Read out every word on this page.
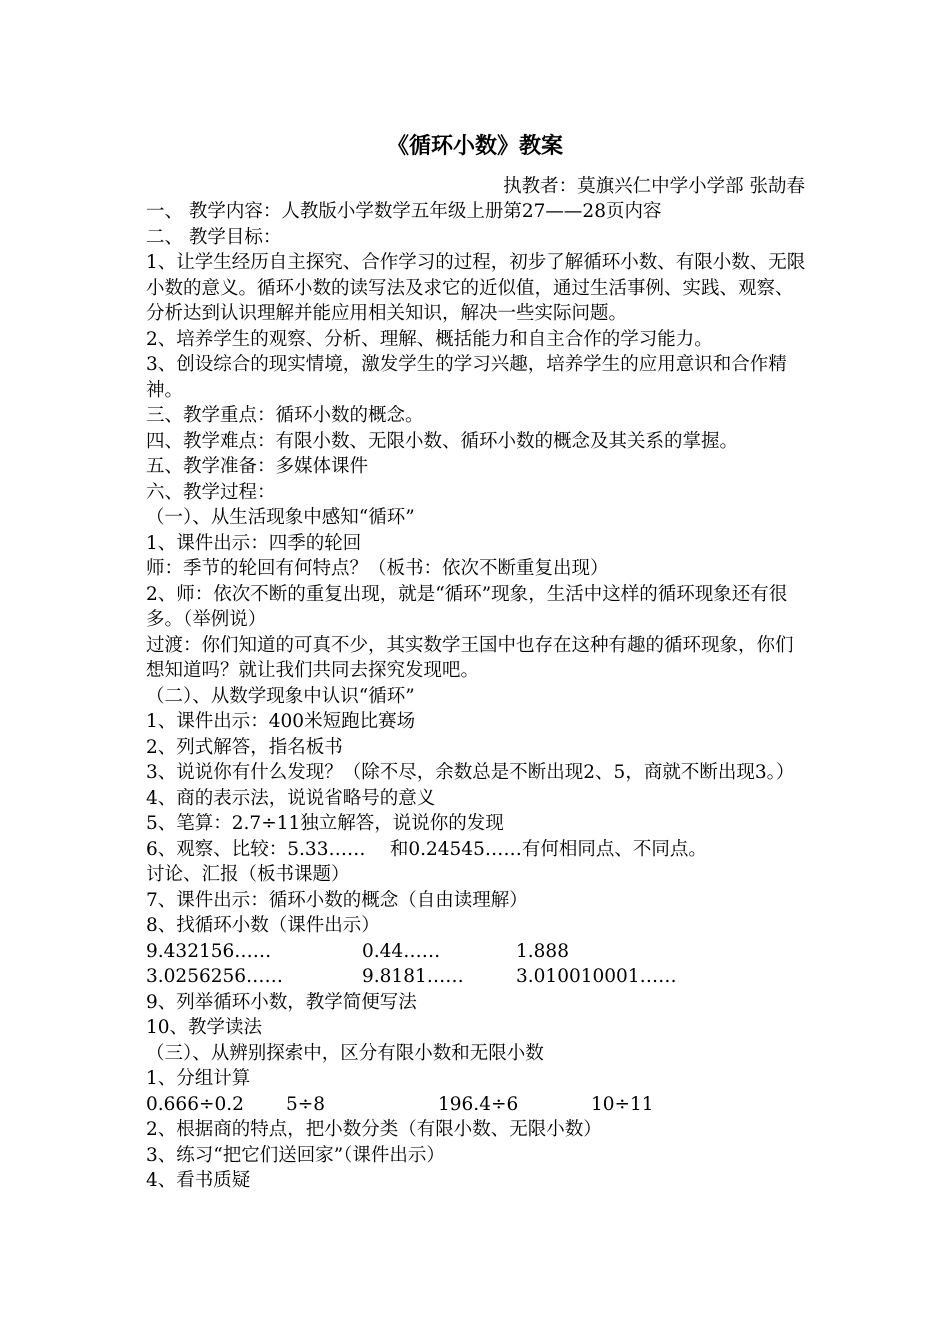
《循环小数》教案
执教者：莫旗兴仁中学小学部 张劼春
一、 教学内容：人教版小学数学五年级上册第27——28页内容
二、 教学目标：
1、让学生经历自主探究、合作学习的过程，初步了解循环小数、有限小数、无限小数的意义。循环小数的读写法及求它的近似值，通过生活事例、实践、观察、分析达到认识理解并能应用相关知识，解决一些实际问题。
2、培养学生的观察、分析、理解、概括能力和自主合作的学习能力。
3、创设综合的现实情境，激发学生的学习兴趣，培养学生的应用意识和合作精神。
三、教学重点：循环小数的概念。
四、教学难点：有限小数、无限小数、循环小数的概念及其关系的掌握。
五、教学准备：多媒体课件
六、教学过程：
（一）、从生活现象中感知“循环”
1、课件出示：四季的轮回
师：季节的轮回有何特点？（板书：依次不断重复出现）
2、师：依次不断的重复出现，就是“循环”现象，生活中这样的循环现象还有很多。（举例说）
过渡：你们知道的可真不少，其实数学王国中也存在这种有趣的循环现象，你们想知道吗？就让我们共同去探究发现吧。
（二）、从数学现象中认识“循环”
1、课件出示：400米短跑比赛场
2、列式解答，指名板书
3、说说你有什么发现？（除不尽，余数总是不断出现2、5，商就不断出现3。）
4、商的表示法，说说省略号的意义
5、笔算：2.7÷11独立解答，说说你的发现
6、观察、比较：5.33……　 和0.24545……有何相同点、不同点。
讨论、汇报（板书课题）
7、课件出示：循环小数的概念（自由读理解）
8、找循环小数（课件出示）
9.432156……	0.44……	1.888
3.0256256……	9.8181……	3.010010001……
9、列举循环小数，教学简便写法
10、教学读法
（三）、从辨别探索中，区分有限小数和无限小数
1、分组计算
0.666÷0.2	5÷8	196.4÷6	10÷11
2、根据商的特点，把小数分类（有限小数、无限小数）
3、练习“把它们送回家”（课件出示）
4、看书质疑
